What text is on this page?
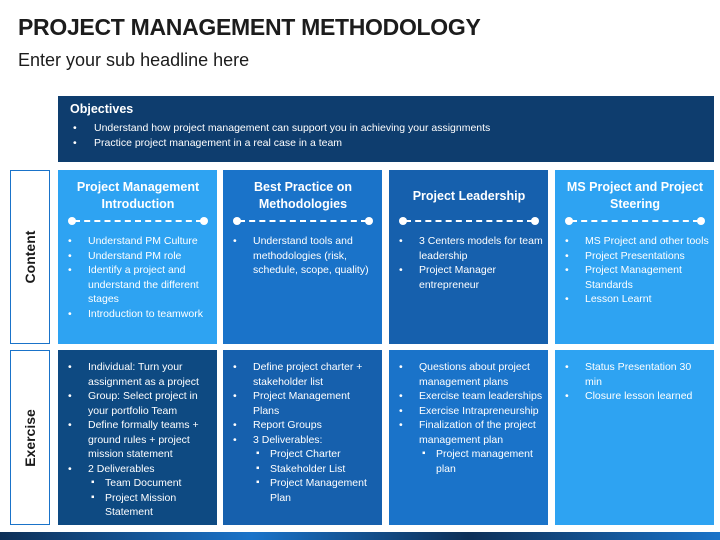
PROJECT MANAGEMENT METHODOLOGY
Enter your sub headline here
Objectives
• Understand how project management can support you in achieving your assignments
• Practice project management in a real case in a team
Content
Exercise
Project Management Introduction
• Understand PM Culture
• Understand PM role
• Identify a project and understand the different stages
• Introduction to teamwork
Best Practice on Methodologies
• Understand tools and methodologies (risk, schedule, scope, quality)
Project Leadership
• 3 Centers models for team leadership
• Project Manager entrepreneur
MS Project and Project Steering
• MS Project and other tools
• Project Presentations
• Project Management Standards
• Lesson Learnt
• Individual: Turn your assignment as a project
• Group: Select project in your portfolio Team
• Define formally teams + ground rules + project mission statement
• 2 Deliverables
▪ Team Document
▪ Project Mission Statement
• Define project charter + stakeholder list
• Project Management Plans
• Report Groups
• 3 Deliverables:
▪ Project Charter
▪ Stakeholder List
▪ Project Management Plan
• Questions about project management plans
• Exercise team leaderships
• Exercise Intrapreneurship
• Finalization of the project management plan
▪ Project management plan
• Status Presentation 30 min
• Closure lesson learned
